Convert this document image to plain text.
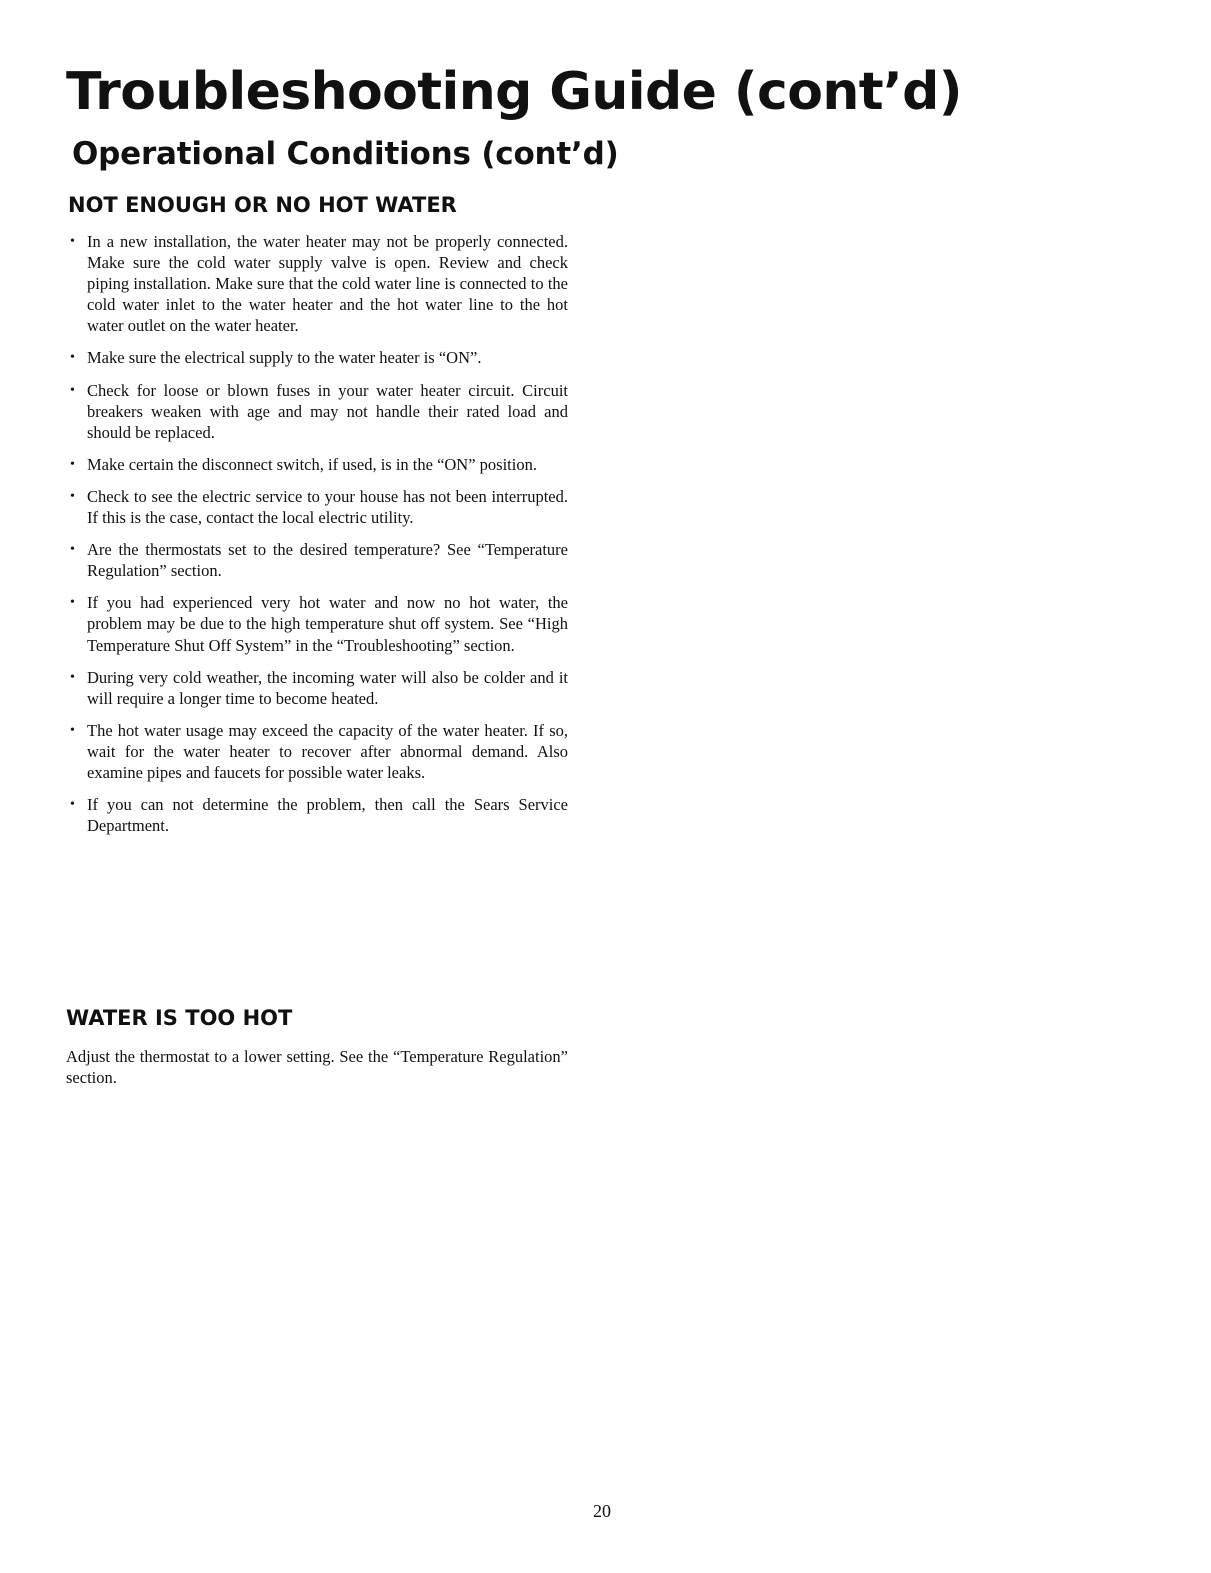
Troubleshooting Guide (cont’d)
Operational Conditions (cont’d)
NOT ENOUGH OR NO HOT WATER
• In a new installation, the water heater may not be properly connected. Make sure the cold water supply valve is open. Review and check piping installation. Make sure that the cold water line is connected to the cold water inlet to the water heater and the hot water line to the hot water outlet on the water heater.
• Make sure the electrical supply to the water heater is “ON”.
• Check for loose or blown fuses in your water heater circuit. Circuit breakers weaken with age and may not handle their rated load and should be replaced.
• Make certain the disconnect switch, if used, is in the “ON” position.
• Check to see the electric service to your house has not been interrupted. If this is the case, contact the local electric utility.
• Are the thermostats set to the desired temperature? See “Temperature Regulation” section.
• If you had experienced very hot water and now no hot water, the problem may be due to the high temperature shut off system. See “High Temperature Shut Off System” in the “Troubleshooting” section.
• During very cold weather, the incoming water will also be colder and it will require a longer time to become heated.
• The hot water usage may exceed the capacity of the water heater. If so, wait for the water heater to recover after abnormal demand. Also examine pipes and faucets for possible water leaks.
• If you can not determine the problem, then call the Sears Service Department.
WATER IS TOO HOT

Adjust the thermostat to a lower setting. See the “Temperature Regulation” section.

20
